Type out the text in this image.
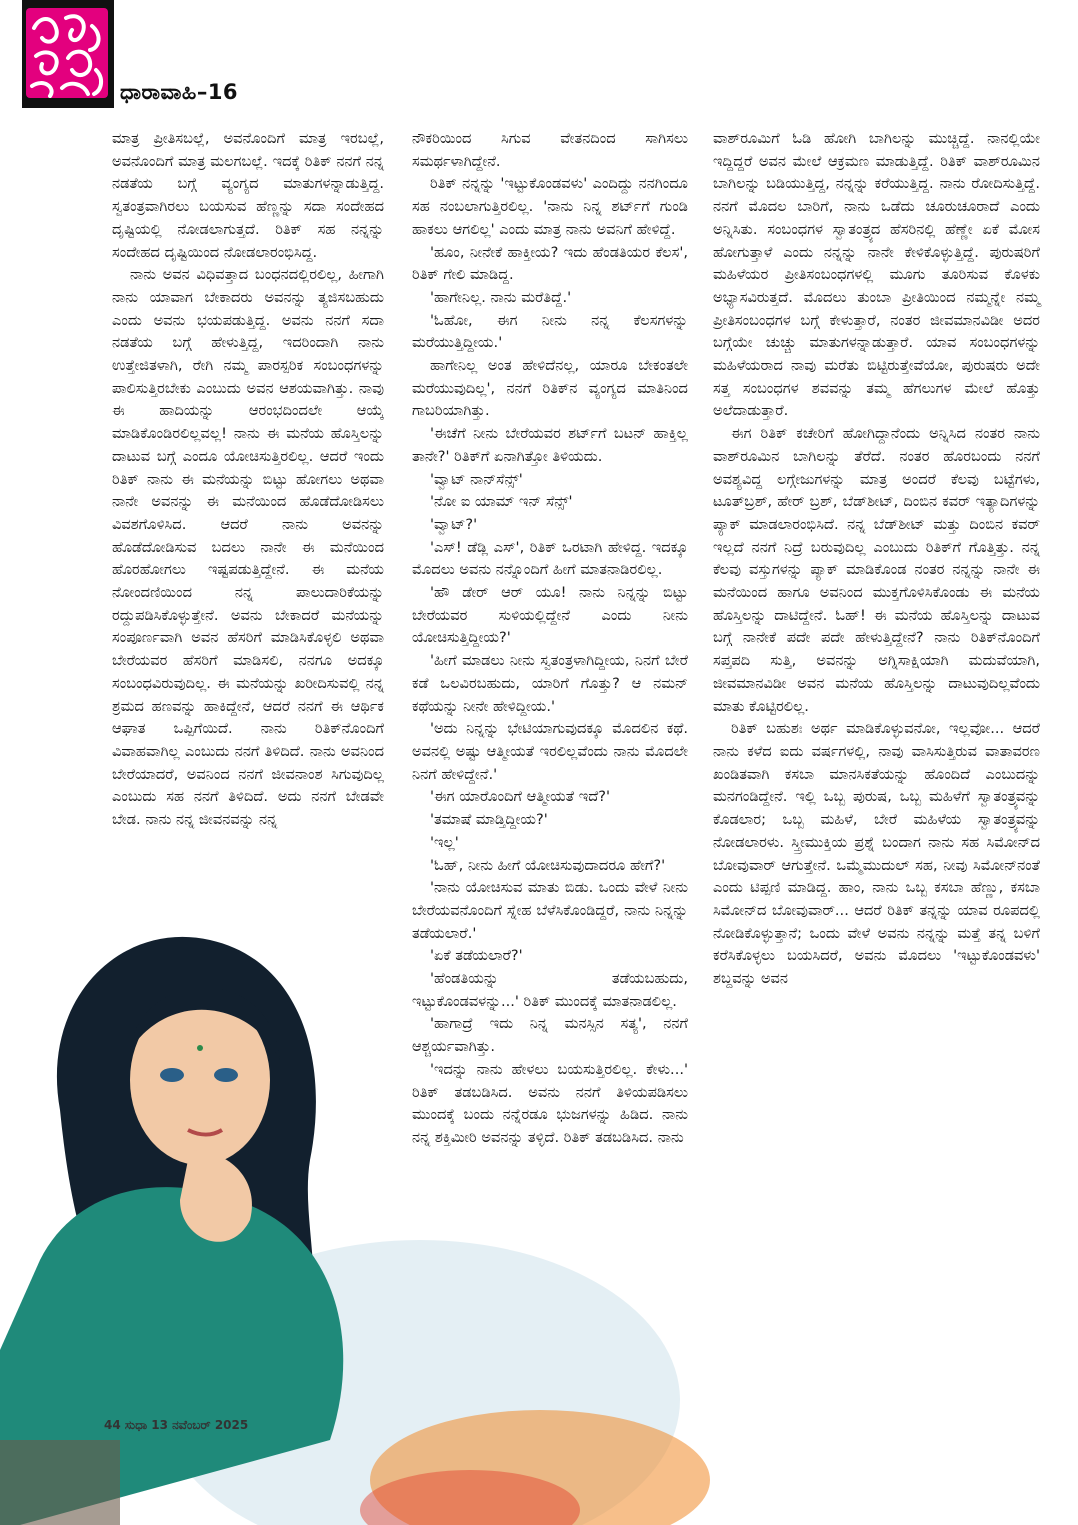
ಧಾರಾವಾಹಿ–16

ಮಾತ್ರ ಪ್ರೀತಿಸಬಲ್ಲೆ, ಅವನೊಂದಿಗೆ ಮಾತ್ರ ಇರಬಲ್ಲೆ, ಅವನೊಂದಿಗೆ ಮಾತ್ರ ಮಲಗಬಲ್ಲೆ. ಇದಕ್ಕೆ ರಿತಿಕ್ ನನಗೆ ನನ್ನ ನಡತೆಯ ಬಗ್ಗೆ ವ್ಯಂಗ್ಯದ ಮಾತುಗಳನ್ನಾಡುತ್ತಿದ್ದ. ಸ್ವತಂತ್ರವಾಗಿರಲು ಬಯಸುವ ಹೆಣ್ಣನ್ನು ಸದಾ ಸಂದೇಹದ ದೃಷ್ಟಿಯಲ್ಲಿ ನೋಡಲಾಗುತ್ತದೆ. ರಿತಿಕ್ ಸಹ ನನ್ನನ್ನು ಸಂದೇಹದ ದೃಷ್ಟಿಯಿಂದ ನೋಡಲಾರಂಭಿಸಿದ್ದ.

ನಾನು ಅವನ ವಿಧಿವತ್ತಾದ ಬಂಧನದಲ್ಲಿರಲಿಲ್ಲ, ಹೀಗಾಗಿ ನಾನು ಯಾವಾಗ ಬೇಕಾದರು ಅವನನ್ನು ತ್ಯಜಿಸಬಹುದು ಎಂದು ಅವನು ಭಯಪಡುತ್ತಿದ್ದ. ಅವನು ನನಗೆ ಸದಾ ನಡತೆಯ ಬಗ್ಗೆ ಹೇಳುತ್ತಿದ್ದ, ಇದರಿಂದಾಗಿ ನಾನು ಉತ್ತೇಜಿತಳಾಗಿ, ರೇಗಿ ನಮ್ಮ ಪಾರಸ್ಪರಿಕ ಸಂಬಂಧಗಳನ್ನು ಪಾಲಿಸುತ್ತಿರಬೇಕು ಎಂಬುದು ಅವನ ಆಶಯವಾಗಿತ್ತು. ನಾವು ಈ ಹಾದಿಯನ್ನು ಆರಂಭದಿಂದಲೇ ಆಯ್ಕೆ ಮಾಡಿಕೊಂಡಿರಲಿಲ್ಲವಲ್ಲ! ನಾನು ಈ ಮನೆಯ ಹೊಸ್ತಿಲನ್ನು ದಾಟುವ ಬಗ್ಗೆ ಎಂದೂ ಯೋಚಿಸುತ್ತಿರಲಿಲ್ಲ. ಆದರೆ ಇಂದು ರಿತಿಕ್ ನಾನು ಈ ಮನೆಯನ್ನು ಬಿಟ್ಟು ಹೋಗಲು ಅಥವಾ ನಾನೇ ಅವನನ್ನು ಈ ಮನೆಯಿಂದ ಹೊಡೆದೋಡಿಸಲು ವಿವಶಗೊಳಿಸಿದ. ಆದರೆ ನಾನು ಅವನನ್ನು ಹೊಡೆದೋಡಿಸುವ ಬದಲು ನಾನೇ ಈ ಮನೆಯಿಂದ ಹೊರಹೋಗಲು ಇಷ್ಟಪಡುತ್ತಿದ್ದೇನೆ. ಈ ಮನೆಯ ನೋಂದಣಿಯಿಂದ ನನ್ನ ಪಾಲುದಾರಿಕೆಯನ್ನು ರದ್ದುಪಡಿಸಿಕೊಳ್ಳುತ್ತೇನೆ. ಅವನು ಬೇಕಾದರೆ ಮನೆಯನ್ನು ಸಂಪೂರ್ಣವಾಗಿ ಅವನ ಹೆಸರಿಗೆ ಮಾಡಿಸಿಕೊಳ್ಳಲಿ ಅಥವಾ ಬೇರೆಯವರ ಹೆಸರಿಗೆ ಮಾಡಿಸಲಿ, ನನಗೂ ಅದಕ್ಕೂ ಸಂಬಂಧವಿರುವುದಿಲ್ಲ. ಈ ಮನೆಯನ್ನು ಖರೀದಿಸುವಲ್ಲಿ ನನ್ನ ಶ್ರಮದ ಹಣವನ್ನು ಹಾಕಿದ್ದೇನೆ, ಆದರೆ ನನಗೆ ಈ ಆರ್ಥಿಕ ಆಘಾತ ಒಪ್ಪಿಗೆಯಿದೆ. ನಾನು ರಿತಿಕ್‌ನೊಂದಿಗೆ ವಿವಾಹವಾಗಿಲ್ಲ ಎಂಬುದು ನನಗೆ ತಿಳಿದಿದೆ. ನಾನು ಅವನಿಂದ ಬೇರೆಯಾದರೆ, ಅವನಿಂದ ನನಗೆ ಜೀವನಾಂಶ ಸಿಗುವುದಿಲ್ಲ ಎಂಬುದು ಸಹ ನನಗೆ ತಿಳಿದಿದೆ. ಅದು ನನಗೆ ಬೇಡವೇ ಬೇಡ. ನಾನು ನನ್ನ ಜೀವನವನ್ನು ನನ್ನ

ನೌಕರಿಯಿಂದ ಸಿಗುವ ವೇತನದಿಂದ ಸಾಗಿಸಲು ಸಮರ್ಥಳಾಗಿದ್ದೇನೆ.

ರಿತಿಕ್ ನನ್ನನ್ನು 'ಇಟ್ಟುಕೊಂಡವಳು' ಎಂದಿದ್ದು ನನಗಿಂದೂ ಸಹ ನಂಬಲಾಗುತ್ತಿರಲಿಲ್ಲ. 'ನಾನು ನಿನ್ನ ಶರ್ಟ್‌ಗೆ ಗುಂಡಿ ಹಾಕಲು ಆಗಲಿಲ್ಲ' ಎಂದು ಮಾತ್ರ ನಾನು ಅವನಿಗೆ ಹೇಳಿದ್ದೆ.

'ಹೂಂ, ನೀನೇಕೆ ಹಾಕ್ತೀಯ? ಇದು ಹೆಂಡತಿಯರ ಕೆಲಸ', ರಿತಿಕ್ ಗೇಲಿ ಮಾಡಿದ್ದ.

'ಹಾಗೇನಿಲ್ಲ. ನಾನು ಮರೆತಿದ್ದೆ.'

'ಓಹೋ, ಈಗ ನೀನು ನನ್ನ ಕೆಲಸಗಳನ್ನು ಮರೆಯುತ್ತಿದ್ದೀಯ.'

ಹಾಗೇನಿಲ್ಲ ಅಂತ ಹೇಳಿದೆನಲ್ಲ, ಯಾರೂ ಬೇಕಂತಲೇ ಮರೆಯುವುದಿಲ್ಲ', ನನಗೆ ರಿತಿಕ್‌ನ ವ್ಯಂಗ್ಯದ ಮಾತಿನಿಂದ ಗಾಬರಿಯಾಗಿತ್ತು.

'ಈಚೆಗೆ ನೀನು ಬೇರೆಯವರ ಶರ್ಟ್‌ಗೆ ಬಟನ್ ಹಾಕ್ತಿಲ್ಲ ತಾನೇ?' ರಿತಿಕ್‌ಗೆ ಏನಾಗಿತ್ತೋ ತಿಳಿಯದು.

'ವ್ವಾಟ್ ನಾನ್‌ಸೆನ್ಸ್'

'ನೋ ಐ ಯಾಮ್ ಇನ್ ಸೆನ್ಸ್'

'ವ್ವಾಟ್?'

'ಎಸ್! ಡೆಡ್ಲಿ ಎಸ್', ರಿತಿಕ್ ಒರಟಾಗಿ ಹೇಳಿದ್ದ. ಇದಕ್ಕೂ ಮೊದಲು ಅವನು ನನ್ನೊಂದಿಗೆ ಹೀಗೆ ಮಾತನಾಡಿರಲಿಲ್ಲ.

'ಹೌ ಡೇರ್ ಆರ್ ಯೂ! ನಾನು ನಿನ್ನನ್ನು ಬಿಟ್ಟು ಬೇರೆಯವರ ಸುಳಿಯಲ್ಲಿದ್ದೇನೆ ಎಂದು ನೀನು ಯೋಚಿಸುತ್ತಿದ್ದೀಯ?'

'ಹೀಗೆ ಮಾಡಲು ನೀನು ಸ್ವತಂತ್ರಳಾಗಿದ್ದೀಯ, ನಿನಗೆ ಬೇರೆ ಕಡೆ ಒಲವಿರಬಹುದು, ಯಾರಿಗೆ ಗೊತ್ತು? ಆ ನಮನ್ ಕಥೆಯನ್ನು ನೀನೇ ಹೇಳಿದ್ದೀಯ.'

'ಅದು ನಿನ್ನನ್ನು ಭೇಟಿಯಾಗುವುದಕ್ಕೂ ಮೊದಲಿನ ಕಥೆ. ಅವನಲ್ಲಿ ಅಷ್ಟು ಆತ್ಮೀಯತೆ ಇರಲಿಲ್ಲವೆಂದು ನಾನು ಮೊದಲೇ ನಿನಗೆ ಹೇಳಿದ್ದೇನೆ.'

'ಈಗ ಯಾರೊಂದಿಗೆ ಆತ್ಮೀಯತೆ ಇದೆ?'

'ತಮಾಷೆ ಮಾಡ್ತಿದ್ದೀಯ?'

'ಇಲ್ಲ'

'ಓಹ್, ನೀನು ಹೀಗೆ ಯೋಚಿಸುವುದಾದರೂ ಹೇಗೆ?'

'ನಾನು ಯೋಚಿಸುವ ಮಾತು ಬಿಡು. ಒಂದು ವೇಳೆ ನೀನು ಬೇರೆಯವನೊಂದಿಗೆ ಸ್ನೇಹ ಬೆಳೆಸಿಕೊಂಡಿದ್ದರೆ, ನಾನು ನಿನ್ನನ್ನು ತಡೆಯಲಾರೆ.'

'ಏಕೆ ತಡೆಯಲಾರೆ?'

'ಹೆಂಡತಿಯನ್ನು ತಡೆಯಬಹುದು, ಇಟ್ಟುಕೊಂಡವಳನ್ನು...' ರಿತಿಕ್ ಮುಂದಕ್ಕೆ ಮಾತನಾಡಲಿಲ್ಲ.

'ಹಾಗಾದ್ರೆ ಇದು ನಿನ್ನ ಮನಸ್ಸಿನ ಸತ್ಯ', ನನಗೆ ಆಶ್ಚರ್ಯವಾಗಿತ್ತು.

'ಇದನ್ನು ನಾನು ಹೇಳಲು ಬಯಸುತ್ತಿರಲಿಲ್ಲ. ಕೇಳು...' ರಿತಿಕ್ ತಡಬಡಿಸಿದ. ಅವನು ನನಗೆ ತಿಳಿಯಪಡಿಸಲು ಮುಂದಕ್ಕೆ ಬಂದು ನನ್ನೆರಡೂ ಭುಜಗಳನ್ನು ಹಿಡಿದ. ನಾನು ನನ್ನ ಶಕ್ತಿಮೀರಿ ಅವನನ್ನು ತಳ್ಳಿದೆ. ರಿತಿಕ್ ತಡಬಡಿಸಿದ. ನಾನು

ವಾಶ್‌ರೂಮಿಗೆ ಓಡಿ ಹೋಗಿ ಬಾಗಿಲನ್ನು ಮುಚ್ಚಿದ್ದೆ. ನಾನಲ್ಲಿಯೇ ಇದ್ದಿದ್ದರೆ ಅವನ ಮೇಲೆ ಆಕ್ರಮಣ ಮಾಡುತ್ತಿದ್ದೆ. ರಿತಿಕ್ ವಾಶ್‌ರೂಮಿನ ಬಾಗಿಲನ್ನು ಬಡಿಯುತ್ತಿದ್ದ, ನನ್ನನ್ನು ಕರೆಯುತ್ತಿದ್ದ. ನಾನು ರೋದಿಸುತ್ತಿದ್ದೆ. ನನಗೆ ಮೊದಲ ಬಾರಿಗೆ, ನಾನು ಒಡೆದು ಚೂರುಚೂರಾದೆ ಎಂದು ಅನ್ನಿಸಿತು. ಸಂಬಂಧಗಳ ಸ್ವಾತಂತ್ರ್ಯದ ಹೆಸರಿನಲ್ಲಿ ಹೆಣ್ಣೇ ಏಕೆ ಮೋಸ ಹೋಗುತ್ತಾಳೆ ಎಂದು ನನ್ನನ್ನು ನಾನೇ ಕೇಳಿಕೊಳ್ಳುತ್ತಿದ್ದೆ. ಪುರುಷರಿಗೆ ಮಹಿಳೆಯರ ಪ್ರೀತಿಸಂಬಂಧಗಳಲ್ಲಿ ಮೂಗು ತೂರಿಸುವ ಕೊಳಕು ಅಭ್ಯಾಸವಿರುತ್ತದೆ. ಮೊದಲು ತುಂಬಾ ಪ್ರೀತಿಯಿಂದ ನಮ್ಮನ್ನೇ ನಮ್ಮ ಪ್ರೀತಿಸಂಬಂಧಗಳ ಬಗ್ಗೆ ಕೇಳುತ್ತಾರೆ, ನಂತರ ಜೀವಮಾನವಿಡೀ ಅದರ ಬಗ್ಗೆಯೇ ಚುಚ್ಚು ಮಾತುಗಳನ್ನಾಡುತ್ತಾರೆ. ಯಾವ ಸಂಬಂಧಗಳನ್ನು ಮಹಿಳೆಯರಾದ ನಾವು ಮರೆತು ಬಿಟ್ಟಿರುತ್ತೇವೆಯೋ, ಪುರುಷರು ಅದೇ ಸತ್ತ ಸಂಬಂಧಗಳ ಶವವನ್ನು ತಮ್ಮ ಹೆಗಲುಗಳ ಮೇಲೆ ಹೊತ್ತು ಅಲೆದಾಡುತ್ತಾರೆ.

ಈಗ ರಿತಿಕ್ ಕಚೇರಿಗೆ ಹೋಗಿದ್ದಾನೆಂದು ಅನ್ನಿಸಿದ ನಂತರ ನಾನು ವಾಶ್‌ರೂಮಿನ ಬಾಗಿಲನ್ನು ತೆರೆದೆ. ನಂತರ ಹೊರಬಂದು ನನಗೆ ಅವಶ್ಯವಿದ್ದ ಲಗ್ಗೇಜುಗಳನ್ನು ಮಾತ್ರ ಅಂದರೆ ಕೆಲವು ಬಟ್ಟೆಗಳು, ಟೂತ್‌ಬ್ರಶ್, ಹೇರ್ ಬ್ರಶ್, ಬೆಡ್‌ಶೀಟ್, ದಿಂಬಿನ ಕವರ್ ಇತ್ಯಾದಿಗಳನ್ನು ಪ್ಯಾಕ್ ಮಾಡಲಾರಂಭಿಸಿದೆ. ನನ್ನ ಬೆಡ್‌ಶೀಟ್ ಮತ್ತು ದಿಂಬಿನ ಕವರ್ ಇಲ್ಲದೆ ನನಗೆ ನಿದ್ರೆ ಬರುವುದಿಲ್ಲ ಎಂಬುದು ರಿತಿಕ್‌ಗೆ ಗೊತ್ತಿತ್ತು. ನನ್ನ ಕೆಲವು ವಸ್ತುಗಳನ್ನು ಪ್ಯಾಕ್ ಮಾಡಿಕೊಂಡ ನಂತರ ನನ್ನನ್ನು ನಾನೇ ಈ ಮನೆಯಿಂದ ಹಾಗೂ ಅವನಿಂದ ಮುಕ್ತಗೊಳಿಸಿಕೊಂಡು ಈ ಮನೆಯ ಹೊಸ್ತಿಲನ್ನು ದಾಟಿದ್ದೇನೆ. ಓಹ್! ಈ ಮನೆಯ ಹೊಸ್ತಿಲನ್ನು ದಾಟುವ ಬಗ್ಗೆ ನಾನೇಕೆ ಪದೇ ಪದೇ ಹೇಳುತ್ತಿದ್ದೇನೆ? ನಾನು ರಿತಿಕ್‌ನೊಂದಿಗೆ ಸಪ್ತಪದಿ ಸುತ್ತಿ, ಅವನನ್ನು ಅಗ್ನಿಸಾಕ್ಷಿಯಾಗಿ ಮದುವೆಯಾಗಿ, ಜೀವಮಾನವಿಡೀ ಅವನ ಮನೆಯ ಹೊಸ್ತಿಲನ್ನು ದಾಟುವುದಿಲ್ಲವೆಂದು ಮಾತು ಕೊಟ್ಟಿರಲಿಲ್ಲ.

ರಿತಿಕ್ ಬಹುಶಃ ಅರ್ಥ ಮಾಡಿಕೊಳ್ಳುವನೋ, ಇಲ್ಲವೋ... ಆದರೆ ನಾನು ಕಳೆದ ಐದು ವರ್ಷಗಳಲ್ಲಿ, ನಾವು ವಾಸಿಸುತ್ತಿರುವ ವಾತಾವರಣ ಖಂಡಿತವಾಗಿ ಕಸಬಾ ಮಾನಸಿಕತೆಯನ್ನು ಹೊಂದಿದೆ ಎಂಬುದನ್ನು ಮನಗಂಡಿದ್ದೇನೆ. ಇಲ್ಲಿ ಒಬ್ಬ ಪುರುಷ, ಒಬ್ಬ ಮಹಿಳೆಗೆ ಸ್ವಾತಂತ್ರ್ಯವನ್ನು ಕೊಡಲಾರ; ಒಬ್ಬ ಮಹಿಳೆ, ಬೇರೆ ಮಹಿಳೆಯ ಸ್ವಾತಂತ್ರ್ಯವನ್ನು ನೋಡಲಾರಳು. ಸ್ತ್ರೀಮುಕ್ತಿಯ ಪ್ರಶ್ನೆ ಬಂದಾಗ ನಾನು ಸಹ ಸಿಮೋನ್‌ದ ಬೋವುವಾರ್ ಆಗುತ್ತೇನೆ. ಒಮ್ಮೆಮುದುಲ್ ಸಹ, ನೀವು ಸಿಮೋನ್‌ನಂತೆ ಎಂದು ಟಿಪ್ಪಣಿ ಮಾಡಿದ್ದ. ಹಾಂ, ನಾನು ಒಬ್ಬ ಕಸಬಾ ಹೆಣ್ಣು, ಕಸಬಾ ಸಿಮೋನ್‌ದ ಬೋವುವಾರ್... ಆದರೆ ರಿತಿಕ್ ತನ್ನನ್ನು ಯಾವ ರೂಪದಲ್ಲಿ ನೋಡಿಕೊಳ್ಳುತ್ತಾನೆ; ಒಂದು ವೇಳೆ ಅವನು ನನ್ನನ್ನು ಮತ್ತೆ ತನ್ನ ಬಳಿಗೆ ಕರೆಸಿಕೊಳ್ಳಲು ಬಯಸಿದರೆ, ಅವನು ಮೊದಲು 'ಇಟ್ಟುಕೊಂಡವಳು' ಶಬ್ದವನ್ನು ಅವನ

44 ಸುಧಾ 13 ನವೆಂಬರ್ 2025
